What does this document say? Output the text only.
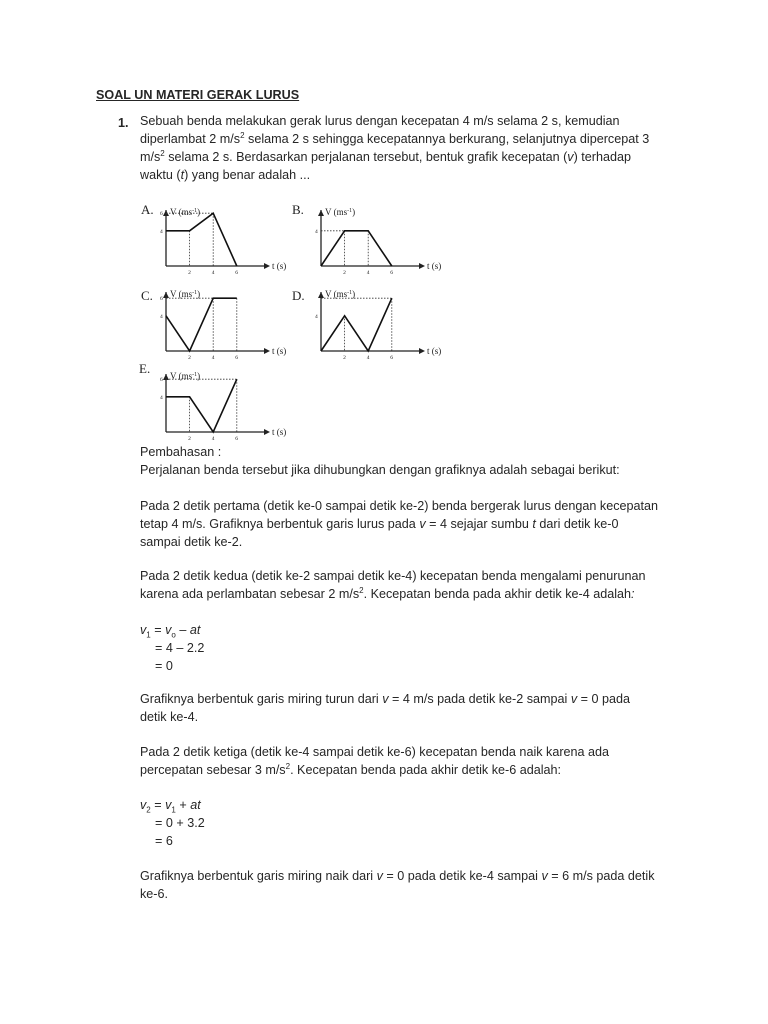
SOAL UN MATERI GERAK LURUS
1. Sebuah benda melakukan gerak lurus dengan kecepatan 4 m/s selama 2 s, kemudian
diperlambat 2 $m/s^2$ selama 2 s sehingga kecepatannya berkurang, selanjutnya dipercepat 3
$m/s^2$ selama 2 s. Berdasarkan perjalanan tersebut, bentuk grafik kecepatan (v) terhadap
waktu (t) yang benar adalah ...
A. V $(ms^{-1})$
t (s)
2	4	6
6
4
B. V $(ms^{-1})$
t (s)
2	4	6
4
C. V $(ms^{-1})$
t (s)
2	4	6
6
4
D. V $(ms^{-1})$
t (s)
2	4	6
4
E. V $(ms^{-1})$
t (s)
2	4	6
6
4
Pembahasan :
Perjalanan benda tersebut jika dihubungkan dengan grafiknya adalah sebagai berikut:
Pada 2 detik pertama (detik ke-0 sampai detik ke-2) benda bergerak lurus dengan kecepatan
tetap 4 m/s. Grafiknya berbentuk garis lurus pada v = 4 sejajar sumbu t dari detik ke-0
sampai detik ke-2.
Pada 2 detik kedua (detik ke-2 sampai detik ke-4) kecepatan benda mengalami penurunan
karena ada perlambatan sebesar 2 $m/s^2$. Kecepatan benda pada akhir detik ke-4 adalah:
$v_1 = v_o$ – at
= 4 – 2.2
= 0
Grafiknya berbentuk garis miring turun dari v = 4 m/s pada detik ke-2 sampai v = 0 pada
detik ke-4.
Pada 2 detik ketiga (detik ke-4 sampai detik ke-6) kecepatan benda naik karena ada
percepatan sebesar 3 $m/s^2$. Kecepatan benda pada akhir detik ke-6 adalah:
$v_2 = v_1$ + at
= 0 + 3.2
= 6
Grafiknya berbentuk garis miring naik dari v = 0 pada detik ke-4 sampai v = 6 m/s pada detik
ke-6.
